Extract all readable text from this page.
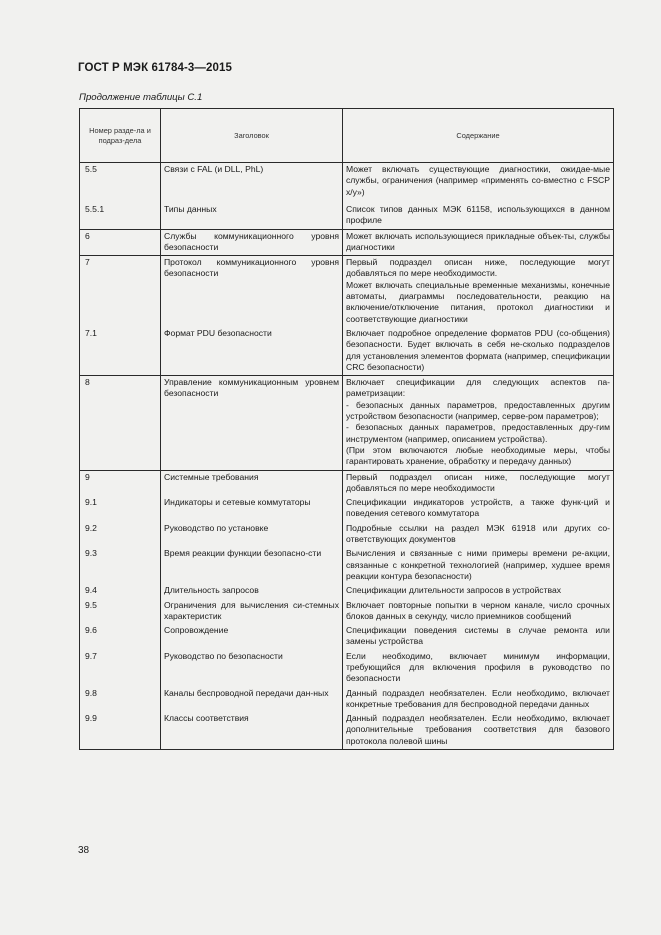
ГОСТ Р МЭК 61784-3—2015
Продолжение таблицы С.1
Номер разде-ла и подраз-дела	Заголовок	Содержание
5.5	Связи с FAL (и DLL, PhL)	Может включать существующие диагностики, ожидае-мые службы, ограничения (например «применять со-вместно с FSCP x/y»)
5.5.1	Типы данных	Список типов данных МЭК 61158, использующихся в данном профиле
6	Службы коммуникационного уровня безопасности	Может включать использующиеся прикладные объек-ты, службы диагностики
7	Протокол коммуникационного уровня безопасности	Первый подраздел описан ниже, последующие могут добавляться по мере необходимости.
Может включать специальные временные механизмы, конечные автоматы, диаграммы последовательности, реакцию на включение/отключение питания, протокол диагностики и соответствующие диагностики
7.1	Формат PDU безопасности	Включает подробное определение форматов PDU (со-общения) безопасности. Будет включать в себя не-сколько подразделов для установления элементов формата (например, спецификации CRC безопасности)
8	Управление коммуникационным уровнем безопасности	Включает спецификации для следующих аспектов па-раметризации:
- безопасных данных параметров, предоставленных другим устройством безопасности (например, серве-ром параметров);
- безопасных данных параметров, предоставленных дру-гим инструментом (например, описанием устройства).
(При этом включаются любые необходимые меры, чтобы гарантировать хранение, обработку и передачу данных)
9	Системные требования	Первый подраздел описан ниже, последующие могут добавляться по мере необходимости
9.1	Индикаторы и сетевые коммутаторы	Спецификации индикаторов устройств, а также функ-ций и поведения сетевого коммутатора
9.2	Руководство по установке	Подробные ссылки на раздел МЭК 61918 или других со-ответствующих документов
9.3	Время реакции функции безопасно-сти	Вычисления и связанные с ними примеры времени ре-акции, связанные с конкретной технологией (например, худшее время реакции контура безопасности)
9.4	Длительность запросов	Спецификации длительности запросов в устройствах
9.5	Ограничения для вычисления си-стемных характеристик	Включает повторные попытки в черном канале, число срочных блоков данных в секунду, число приемников сообщений
9.6	Сопровождение	Спецификации поведения системы в случае ремонта или замены устройства
9.7	Руководство по безопасности	Если необходимо, включает минимум информации, требующийся для включения профиля в руководство по безопасности
9.8	Каналы беспроводной передачи дан-ных	Данный подраздел необязателен. Если необходимо, включает конкретные требования для беспроводной передачи данных
9.9	Классы соответствия	Данный подраздел необязателен. Если необходимо, включает дополнительные требования соответствия для базового протокола полевой шины
38
